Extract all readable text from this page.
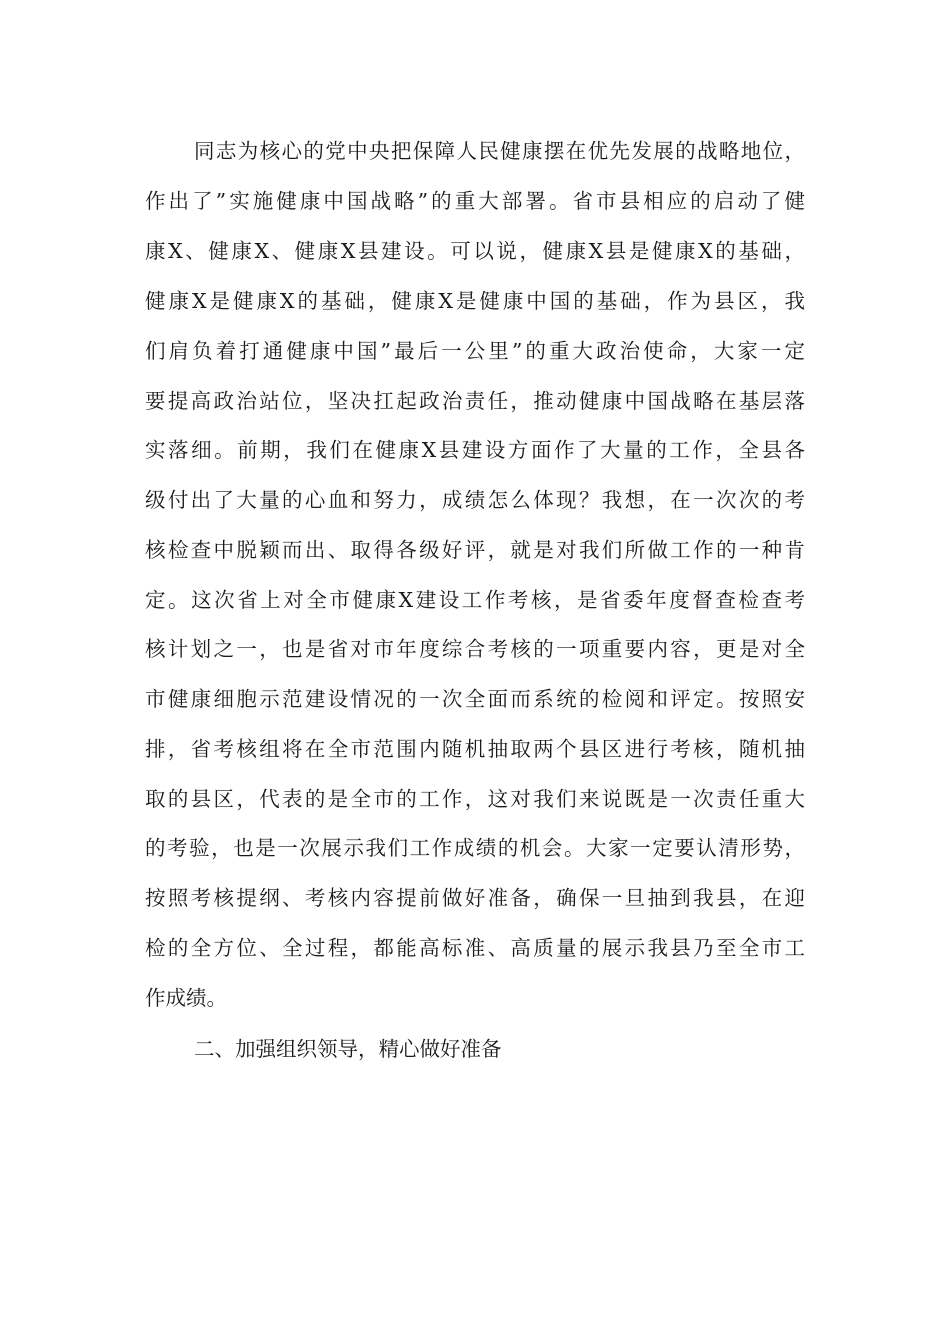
同志为核心的党中央把保障人民健康摆在优先发展的战略地位，
作出了”实施健康中国战略”的重大部署。省市县相应的启动了健
康X、健康X、健康X县建设。可以说，健康X县是健康X的基础，
健康X是健康X的基础，健康X是健康中国的基础，作为县区，我
们肩负着打通健康中国”最后一公里”的重大政治使命，大家一定
要提高政治站位，坚决扛起政治责任，推动健康中国战略在基层落
实落细。前期，我们在健康X县建设方面作了大量的工作，全县各
级付出了大量的心血和努力，成绩怎么体现？我想，在一次次的考
核检查中脱颖而出、取得各级好评，就是对我们所做工作的一种肯
定。这次省上对全市健康X建设工作考核，是省委年度督查检查考
核计划之一，也是省对市年度综合考核的一项重要内容，更是对全
市健康细胞示范建设情况的一次全面而系统的检阅和评定。按照安
排，省考核组将在全市范围内随机抽取两个县区进行考核，随机抽
取的县区，代表的是全市的工作，这对我们来说既是一次责任重大
的考验，也是一次展示我们工作成绩的机会。大家一定要认清形势，
按照考核提纲、考核内容提前做好准备，确保一旦抽到我县，在迎
检的全方位、全过程，都能高标准、高质量的展示我县乃至全市工
作成绩。
二、加强组织领导，精心做好准备
